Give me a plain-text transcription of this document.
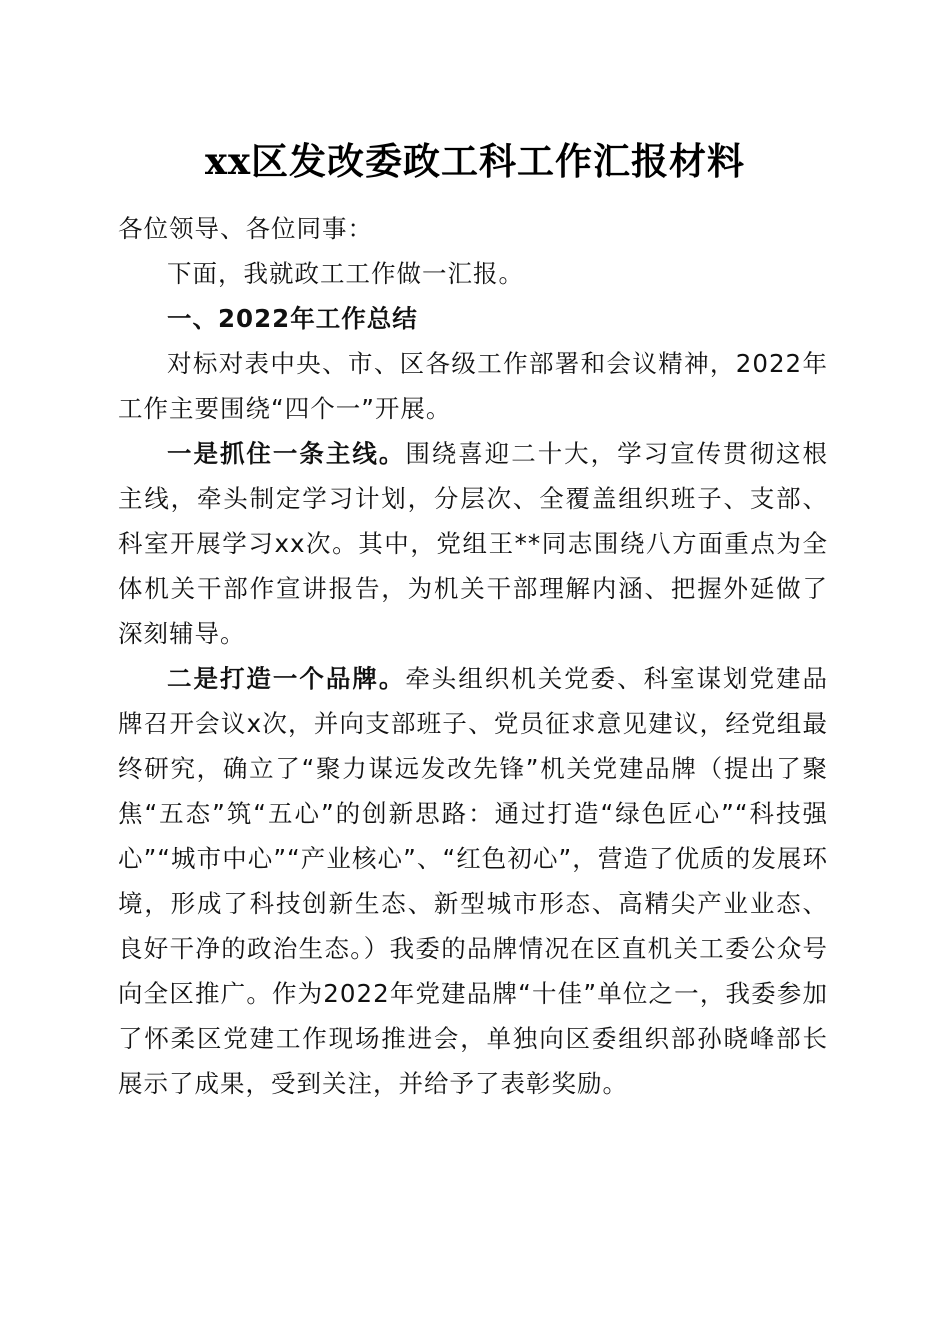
xx区发改委政工科工作汇报材料

各位领导、各位同事：

下面，我就政工工作做一汇报。

一、2022年工作总结

对标对表中央、市、区各级工作部署和会议精神，2022年工作主要围绕“四个一”开展。

一是抓住一条主线。围绕喜迎二十大，学习宣传贯彻这根主线，牵头制定学习计划，分层次、全覆盖组织班子、支部、科室开展学习xx次。其中，党组王**同志围绕八方面重点为全体机关干部作宣讲报告，为机关干部理解内涵、把握外延做了深刻辅导。

二是打造一个品牌。牵头组织机关党委、科室谋划党建品牌召开会议x次，并向支部班子、党员征求意见建议，经党组最终研究，确立了“聚力谋远发改先锋”机关党建品牌（提出了聚焦“五态”筑“五心”的创新思路：通过打造“绿色匠心”“科技强心”“城市中心”“产业核心”、“红色初心”，营造了优质的发展环境，形成了科技创新生态、新型城市形态、高精尖产业业态、良好干净的政治生态。）我委的品牌情况在区直机关工委公众号向全区推广。作为2022年党建品牌“十佳”单位之一，我委参加了怀柔区党建工作现场推进会，单独向区委组织部孙晓峰部长展示了成果，受到关注，并给予了表彰奖励。
